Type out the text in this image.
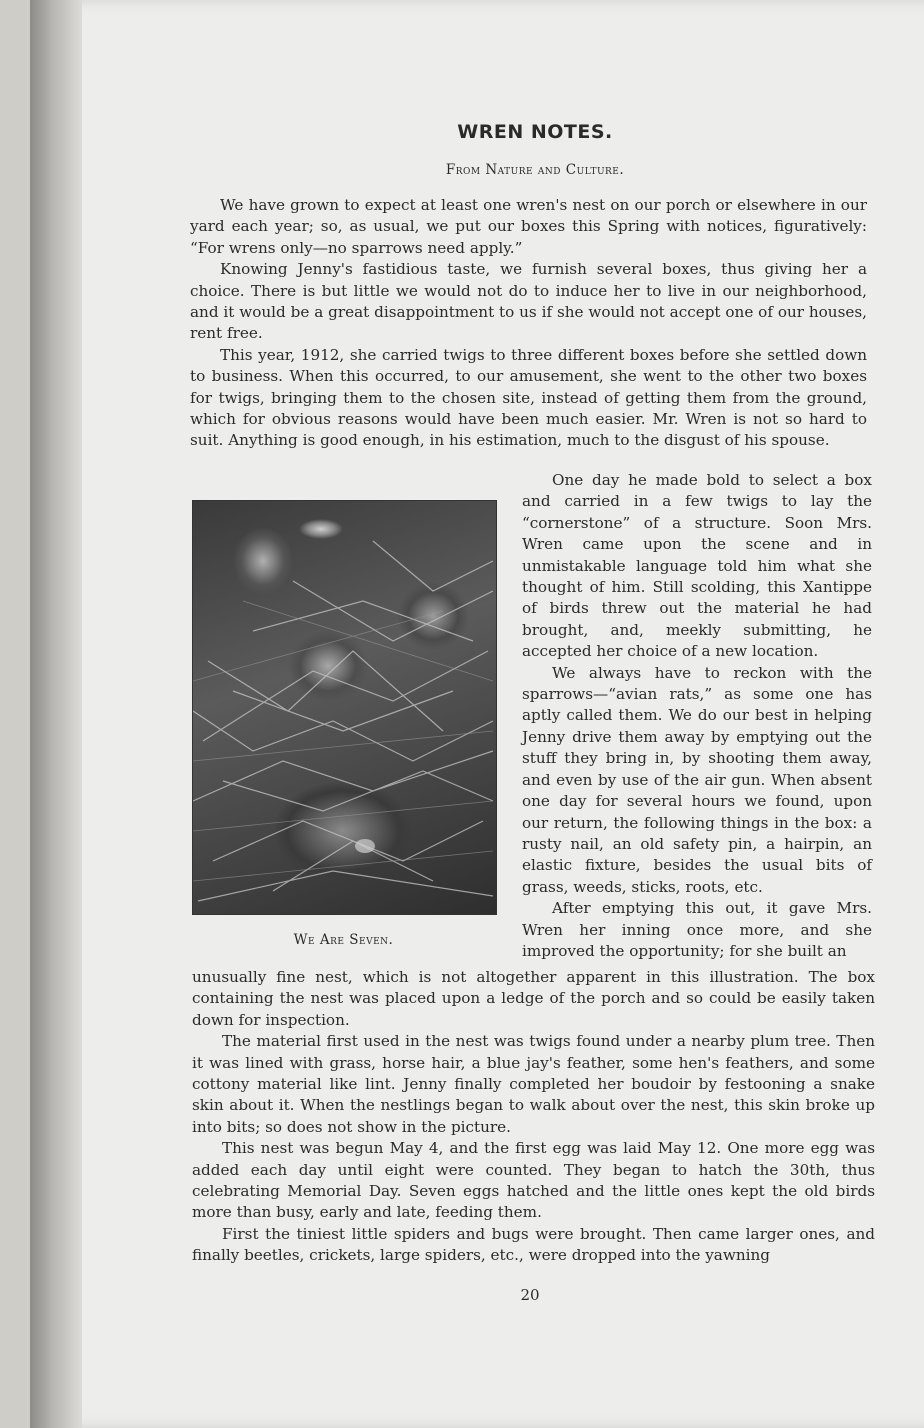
WREN NOTES.
From Nature and Culture.

We have grown to expect at least one wren's nest on our porch or elsewhere in our yard each year; so, as usual, we put our boxes this Spring with notices, figuratively: “For wrens only—no sparrows need apply.”

Knowing Jenny's fastidious taste, we furnish several boxes, thus giving her a choice. There is but little we would not do to induce her to live in our neighborhood, and it would be a great disappointment to us if she would not accept one of our houses, rent free.

This year, 1912, she carried twigs to three different boxes before she settled down to business. When this occurred, to our amusement, she went to the other two boxes for twigs, bringing them to the chosen site, instead of getting them from the ground, which for obvious reasons would have been much easier. Mr. Wren is not so hard to suit. Anything is good enough, in his estimation, much to the disgust of his spouse.

We Are Seven.

One day he made bold to select a box and carried in a few twigs to lay the “cornerstone” of a structure. Soon Mrs. Wren came upon the scene and in unmistakable language told him what she thought of him. Still scolding, this Xantippe of birds threw out the material he had brought, and, meekly submitting, he accepted her choice of a new location.

We always have to reckon with the sparrows—“avian rats,” as some one has aptly called them. We do our best in helping Jenny drive them away by emptying out the stuff they bring in, by shooting them away, and even by use of the air gun. When absent one day for several hours we found, upon our return, the following things in the box: a rusty nail, an old safety pin, a hairpin, an elastic fixture, besides the usual bits of grass, weeds, sticks, roots, etc.

After emptying this out, it gave Mrs. Wren her inning once more, and she improved the opportunity; for she built an

unusually fine nest, which is not altogether apparent in this illustration. The box containing the nest was placed upon a ledge of the porch and so could be easily taken down for inspection.

The material first used in the nest was twigs found under a nearby plum tree. Then it was lined with grass, horse hair, a blue jay's feather, some hen's feathers, and some cottony material like lint. Jenny finally completed her boudoir by festooning a snake skin about it. When the nestlings began to walk about over the nest, this skin broke up into bits; so does not show in the picture.

This nest was begun May 4, and the first egg was laid May 12. One more egg was added each day until eight were counted. They began to hatch the 30th, thus celebrating Memorial Day. Seven eggs hatched and the little ones kept the old birds more than busy, early and late, feeding them.

First the tiniest little spiders and bugs were brought. Then came larger ones, and finally beetles, crickets, large spiders, etc., were dropped into the yawning

20
